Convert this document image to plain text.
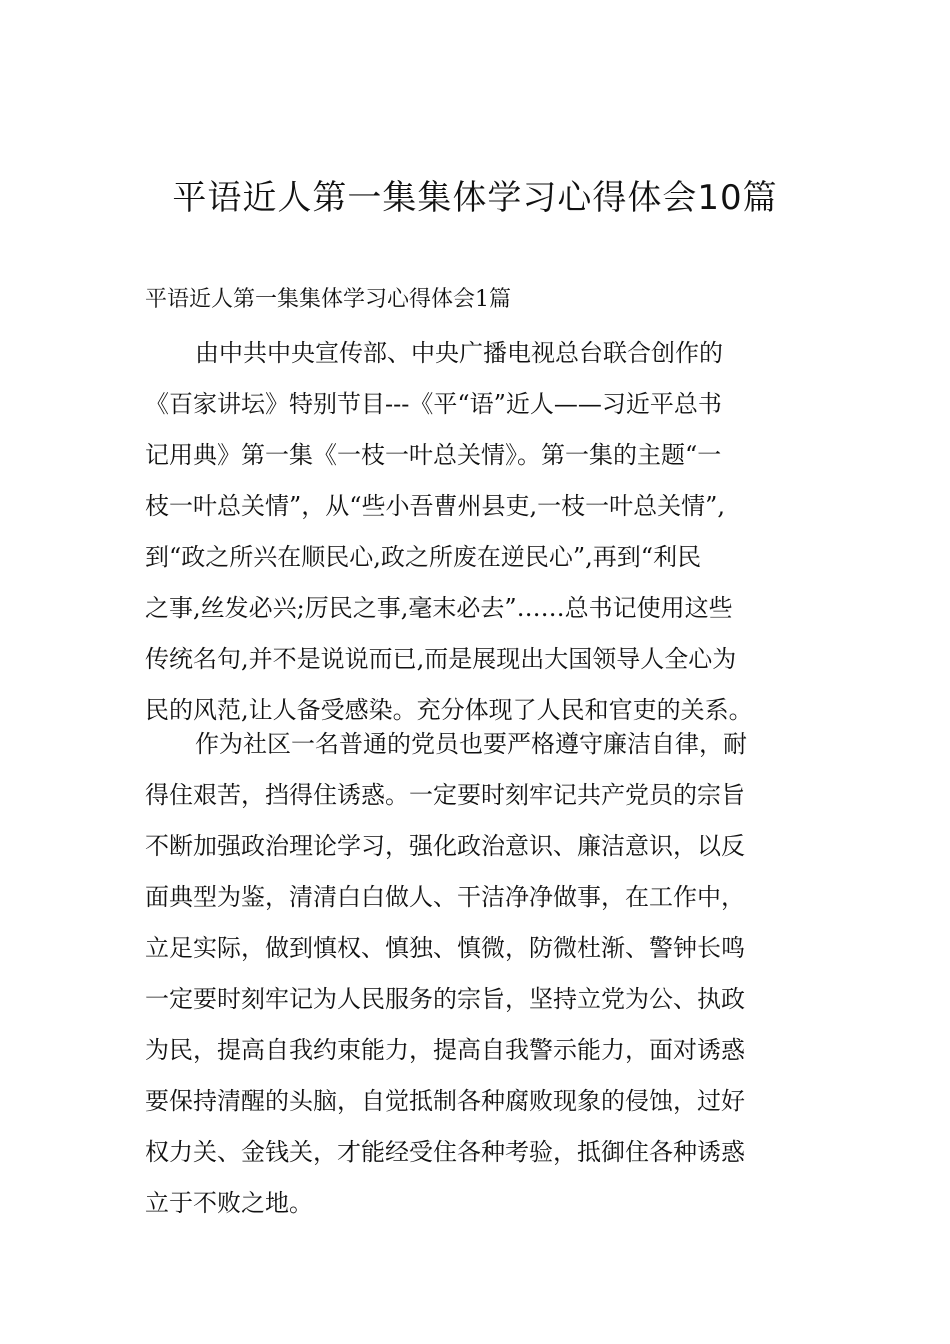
平语近人第一集集体学习心得体会10篇
平语近人第一集集体学习心得体会1篇
由中共中央宣传部、中央广播电视总台联合创作的
《百家讲坛》特别节目---《平“语”近人——习近平总书
记用典》第一集《一枝一叶总关情》。第一集的主题“一
枝一叶总关情”，从“些小吾曹州县吏,一枝一叶总关情”,
到“政之所兴在顺民心,政之所废在逆民心”,再到“利民
之事,丝发必兴;厉民之事,毫末必去”……总书记使用这些
传统名句,并不是说说而已,而是展现出大国领导人全心为
民的风范,让人备受感染。充分体现了人民和官吏的关系。
作为社区一名普通的党员也要严格遵守廉洁自律，耐
得住艰苦，挡得住诱惑。一定要时刻牢记共产党员的宗旨
不断加强政治理论学习，强化政治意识、廉洁意识，以反
面典型为鉴，清清白白做人、干洁净净做事，在工作中，
立足实际，做到慎权、慎独、慎微，防微杜渐、警钟长鸣
一定要时刻牢记为人民服务的宗旨，坚持立党为公、执政
为民，提高自我约束能力，提高自我警示能力，面对诱惑
要保持清醒的头脑，自觉抵制各种腐败现象的侵蚀，过好
权力关、金钱关，才能经受住各种考验，抵御住各种诱惑
立于不败之地。
